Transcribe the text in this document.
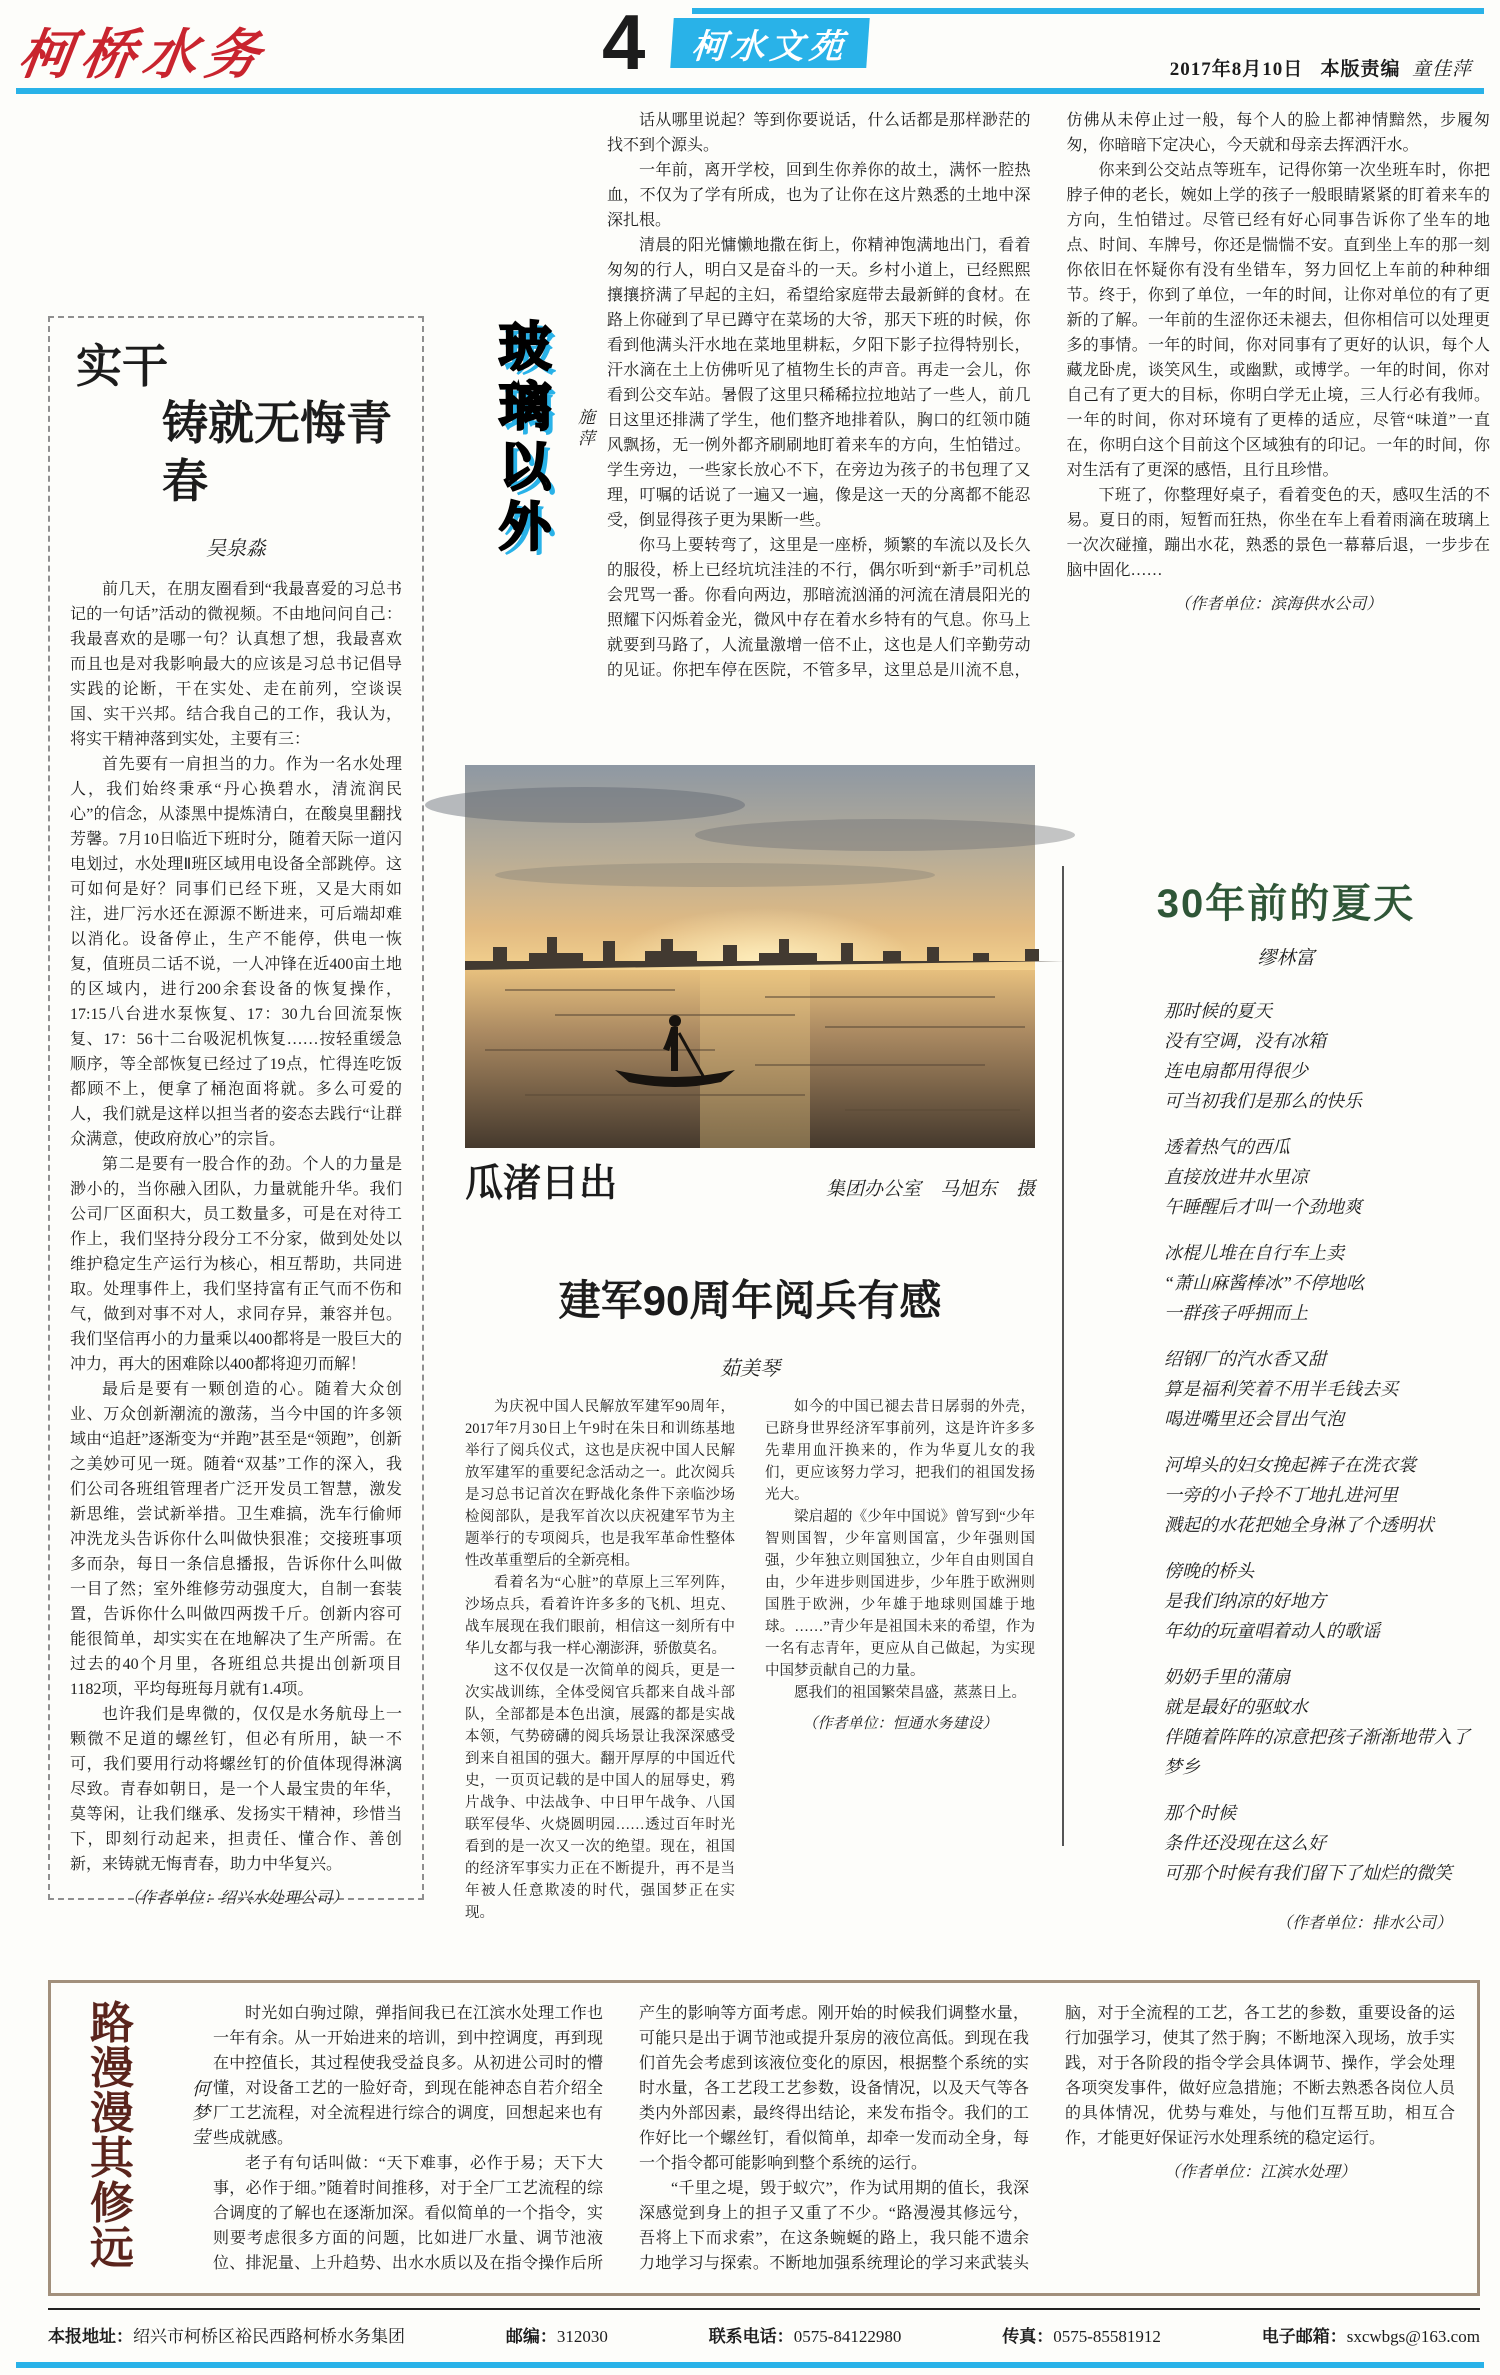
柯桥水务	4	柯水文苑
2017年8月10日 本版责编 童佳萍
实干
铸就无悔青春
吴泉淼

前几天，在朋友圈看到“我最喜爱的习总书记的一句话”活动的微视频。不由地问问自己：我最喜欢的是哪一句？认真想了想，我最喜欢而且也是对我影响最大的应该是习总书记倡导实践的论断，干在实处、走在前列，空谈误国、实干兴邦。结合我自己的工作，我认为，将实干精神落到实处，主要有三：

首先要有一肩担当的力。作为一名水处理人，我们始终秉承“丹心换碧水，清流润民心”的信念，从漆黑中提炼清白，在酸臭里翻找芳馨。7月10日临近下班时分，随着天际一道闪电划过，水处理Ⅱ班区域用电设备全部跳停。这可如何是好？同事们已经下班，又是大雨如注，进厂污水还在源源不断进来，可后端却难以消化。设备停止，生产不能停，供电一恢复，值班员二话不说，一人冲锋在近400亩土地的区域内，进行200余套设备的恢复操作，17:15八台进水泵恢复、17：30九台回流泵恢复、17：56十二台吸泥机恢复……按轻重缓急顺序，等全部恢复已经过了19点，忙得连吃饭都顾不上，便拿了桶泡面将就。多么可爱的人，我们就是这样以担当者的姿态去践行“让群众满意，使政府放心”的宗旨。

第二是要有一股合作的劲。个人的力量是渺小的，当你融入团队，力量就能升华。我们公司厂区面积大，员工数量多，可是在对待工作上，我们坚持分段分工不分家，做到处处以维护稳定生产运行为核心，相互帮助，共同进取。处理事件上，我们坚持富有正气而不伤和气，做到对事不对人，求同存异，兼容并包。我们坚信再小的力量乘以400都将是一股巨大的冲力，再大的困难除以400都将迎刃而解！

最后是要有一颗创造的心。随着大众创业、万众创新潮流的激荡，当今中国的许多领域由“追赶”逐渐变为“并跑”甚至是“领跑”，创新之美妙可见一斑。随着“双基”工作的深入，我们公司各班组管理者广泛开发员工智慧，激发新思维，尝试新举措。卫生难搞，洗车行偷师冲洗龙头告诉你什么叫做快狠准；交接班事项多而杂，每日一条信息播报，告诉你什么叫做一目了然；室外维修劳动强度大，自制一套装置，告诉你什么叫做四两拨千斤。创新内容可能很简单，却实实在在地解决了生产所需。在过去的40个月里，各班组总共提出创新项目1182项，平均每班每月就有1.4项。

也许我们是卑微的，仅仅是水务航母上一颗微不足道的螺丝钉，但必有所用，缺一不可，我们要用行动将螺丝钉的价值体现得淋漓尽致。青春如朝日，是一个人最宝贵的年华，莫等闲，让我们继承、发扬实干精神，珍惜当下，即刻行动起来，担责任、懂合作、善创新，来铸就无悔青春，助力中华复兴。

（作者单位：绍兴水处理公司）
玻
璃
以
外
施萍

话从哪里说起？等到你要说话，什么话都是那样渺茫的找不到个源头。

一年前，离开学校，回到生你养你的故土，满怀一腔热血，不仅为了学有所成，也为了让你在这片熟悉的土地中深深扎根。

清晨的阳光慵懒地撒在街上，你精神饱满地出门，看着匆匆的行人，明白又是奋斗的一天。乡村小道上，已经熙熙攘攘挤满了早起的主妇，希望给家庭带去最新鲜的食材。在路上你碰到了早已蹲守在菜场的大爷，那天下班的时候，你看到他满头汗水地在菜地里耕耘，夕阳下影子拉得特别长，汗水滴在土上仿佛听见了植物生长的声音。再走一会儿，你看到公交车站。暑假了这里只稀稀拉拉地站了一些人，前几日这里还排满了学生，他们整齐地排着队，胸口的红领巾随风飘扬，无一例外都齐刷刷地盯着来车的方向，生怕错过。学生旁边，一些家长放心不下，在旁边为孩子的书包理了又理，叮嘱的话说了一遍又一遍，像是这一天的分离都不能忍受，倒显得孩子更为果断一些。

你马上要转弯了，这里是一座桥，频繁的车流以及长久的服役，桥上已经坑坑洼洼的不行，偶尔听到“新手”司机总会咒骂一番。你看向两边，那暗流汹涌的河流在清晨阳光的照耀下闪烁着金光，微风中存在着水乡特有的气息。你马上就要到马路了，人流量激增一倍不止，这也是人们辛勤劳动的见证。你把车停在医院，不管多早，这里总是川流不息，仿佛从未停止过一般，每个人的脸上都神情黯然，步履匆匆，你暗暗下定决心，今天就和母亲去挥洒汗水。

你来到公交站点等班车，记得你第一次坐班车时，你把脖子伸的老长，婉如上学的孩子一般眼睛紧紧的盯着来车的方向，生怕错过。尽管已经有好心同事告诉你了坐车的地点、时间、车牌号，你还是惴惴不安。直到坐上车的那一刻你依旧在怀疑你有没有坐错车，努力回忆上车前的种种细节。终于，你到了单位，一年的时间，让你对单位的有了更新的了解。一年前的生涩你还未褪去，但你相信可以处理更多的事情。一年的时间，你对同事有了更好的认识，每个人藏龙卧虎，谈笑风生，或幽默，或博学。一年的时间，你对自己有了更大的目标，你明白学无止境，三人行必有我师。一年的时间，你对环境有了更棒的适应，尽管“味道”一直在，你明白这个目前这个区域独有的印记。一年的时间，你对生活有了更深的感悟，且行且珍惜。

下班了，你整理好桌子，看着变色的天，感叹生活的不易。夏日的雨，短暂而狂热，你坐在车上看着雨滴在玻璃上一次次碰撞，蹦出水花，熟悉的景色一幕幕后退，一步步在脑中固化……

（作者单位：滨海供水公司）
瓜渚日出	集团办公室　马旭东　摄
建军90周年阅兵有感
茹美琴

为庆祝中国人民解放军建军90周年，2017年7月30日上午9时在朱日和训练基地举行了阅兵仪式，这也是庆祝中国人民解放军建军的重要纪念活动之一。此次阅兵是习总书记首次在野战化条件下亲临沙场检阅部队，是我军首次以庆祝建军节为主题举行的专项阅兵，也是我军革命性整体性改革重塑后的全新亮相。

看着名为“心脏”的草原上三军列阵，沙场点兵，看着许许多多的飞机、坦克、战车展现在我们眼前，相信这一刻所有中华儿女都与我一样心潮澎湃，骄傲莫名。

这不仅仅是一次简单的阅兵，更是一次实战训练，全体受阅官兵都来自战斗部队，全部都是本色出演，展露的都是实战本领，气势磅礴的阅兵场景让我深深感受到来自祖国的强大。翻开厚厚的中国近代史，一页页记载的是中国人的屈辱史，鸦片战争、中法战争、中日甲午战争、八国联军侵华、火烧圆明园……透过百年时光看到的是一次又一次的绝望。现在，祖国的经济军事实力正在不断提升，再不是当年被人任意欺凌的时代，强国梦正在实现。

如今的中国已褪去昔日孱弱的外壳，已跻身世界经济军事前列，这是许许多多先辈用血汗换来的，作为华夏儿女的我们，更应该努力学习，把我们的祖国发扬光大。

梁启超的《少年中国说》曾写到“少年智则国智，少年富则国富，少年强则国强，少年独立则国独立，少年自由则国自由，少年进步则国进步，少年胜于欧洲则国胜于欧洲，少年雄于地球则国雄于地球。……”青少年是祖国未来的希望，作为一名有志青年，更应从自己做起，为实现中国梦贡献自己的力量。

愿我们的祖国繁荣昌盛，蒸蒸日上。

（作者单位：恒通水务建设）
30年前的夏天
缪林富
那时候的夏天
没有空调，没有冰箱
连电扇都用得很少
可当初我们是那么的快乐
透着热气的西瓜
直接放进井水里凉
午睡醒后才叫一个劲地爽
冰棍儿堆在自行车上卖
“萧山麻酱棒冰”不停地吆
一群孩子呼拥而上
绍钢厂的汽水香又甜
算是福利笑着不用半毛钱去买
喝进嘴里还会冒出气泡
河埠头的妇女挽起裤子在洗衣裳
一旁的小子拎不丁地扎进河里
溅起的水花把她全身淋了个透明状
傍晚的桥头
是我们纳凉的好地方
年幼的玩童唱着动人的歌谣
奶奶手里的蒲扇
就是最好的驱蚊水
伴随着阵阵的凉意把孩子渐渐地带入了梦乡
那个时候
条件还没现在这么好
可那个时候有我们留下了灿烂的微笑
（作者单位：排水公司）
路
漫
漫
其
修
远
何梦莹

时光如白驹过隙，弹指间我已在江滨水处理工作也一年有余。从一开始进来的培训，到中控调度，再到现在中控值长，其过程使我受益良多。从初进公司时的懵懂，对设备工艺的一脸好奇，到现在能神态自若介绍全厂工艺流程，对全流程进行综合的调度，回想起来也有些成就感。

老子有句话叫做：“天下难事，必作于易；天下大事，必作于细。”随着时间推移，对于全厂工艺流程的综合调度的了解也在逐渐加深。看似简单的一个指令，实则要考虑很多方面的问题，比如进厂水量、调节池液位、排泥量、上升趋势、出水水质以及在指令操作后所产生的影响等方面考虑。刚开始的时候我们调整水量，可能只是出于调节池或提升泵房的液位高低。到现在我们首先会考虑到该液位变化的原因，根据整个系统的实时水量，各工艺段工艺参数，设备情况，以及天气等各类内外部因素，最终得出结论，来发布指令。我们的工作好比一个螺丝钉，看似简单，却牵一发而动全身，每一个指令都可能影响到整个系统的运行。

“千里之堤，毁于蚁穴”，作为试用期的值长，我深深感觉到身上的担子又重了不少。“路漫漫其修远兮，吾将上下而求索”，在这条蜿蜒的路上，我只能不遗余力地学习与探索。不断地加强系统理论的学习来武装头脑，对于全流程的工艺，各工艺的参数，重要设备的运行加强学习，使其了然于胸；不断地深入现场，放手实践，对于各阶段的指令学会具体调节、操作，学会处理各项突发事件，做好应急措施；不断去熟悉各岗位人员的具体情况，优势与难处，与他们互帮互助，相互合作，才能更好保证污水处理系统的稳定运行。

（作者单位：江滨水处理）
本报地址：绍兴市柯桥区裕民西路柯桥水务集团	邮编：312030	联系电话：0575-84122980	传真：0575-85581912	电子邮箱：sxcwbgs@163.com
